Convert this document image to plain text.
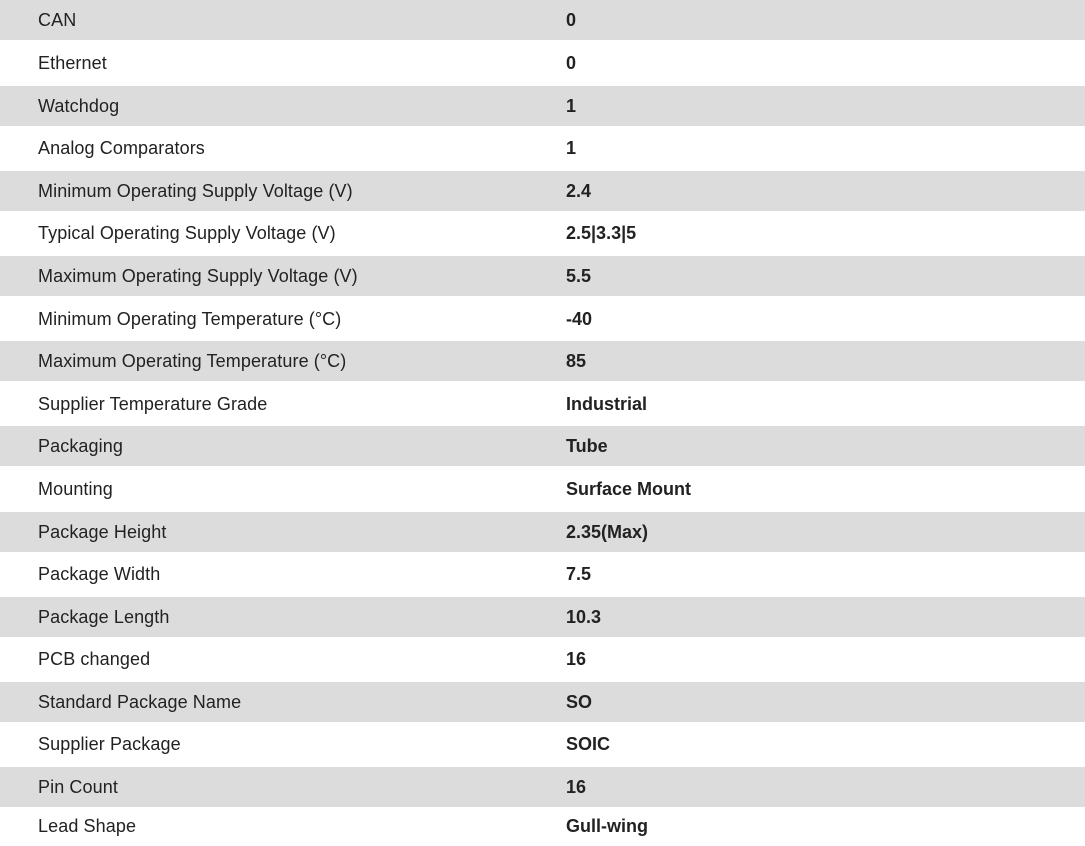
CAN	0
Ethernet	0
Watchdog	1
Analog Comparators	1
Minimum Operating Supply Voltage (V)	2.4
Typical Operating Supply Voltage (V)	2.5|3.3|5
Maximum Operating Supply Voltage (V)	5.5
Minimum Operating Temperature (°C)	-40
Maximum Operating Temperature (°C)	85
Supplier Temperature Grade	Industrial
Packaging	Tube
Mounting	Surface Mount
Package Height	2.35(Max)
Package Width	7.5
Package Length	10.3
PCB changed	16
Standard Package Name	SO
Supplier Package	SOIC
Pin Count	16
Lead Shape	Gull-wing
